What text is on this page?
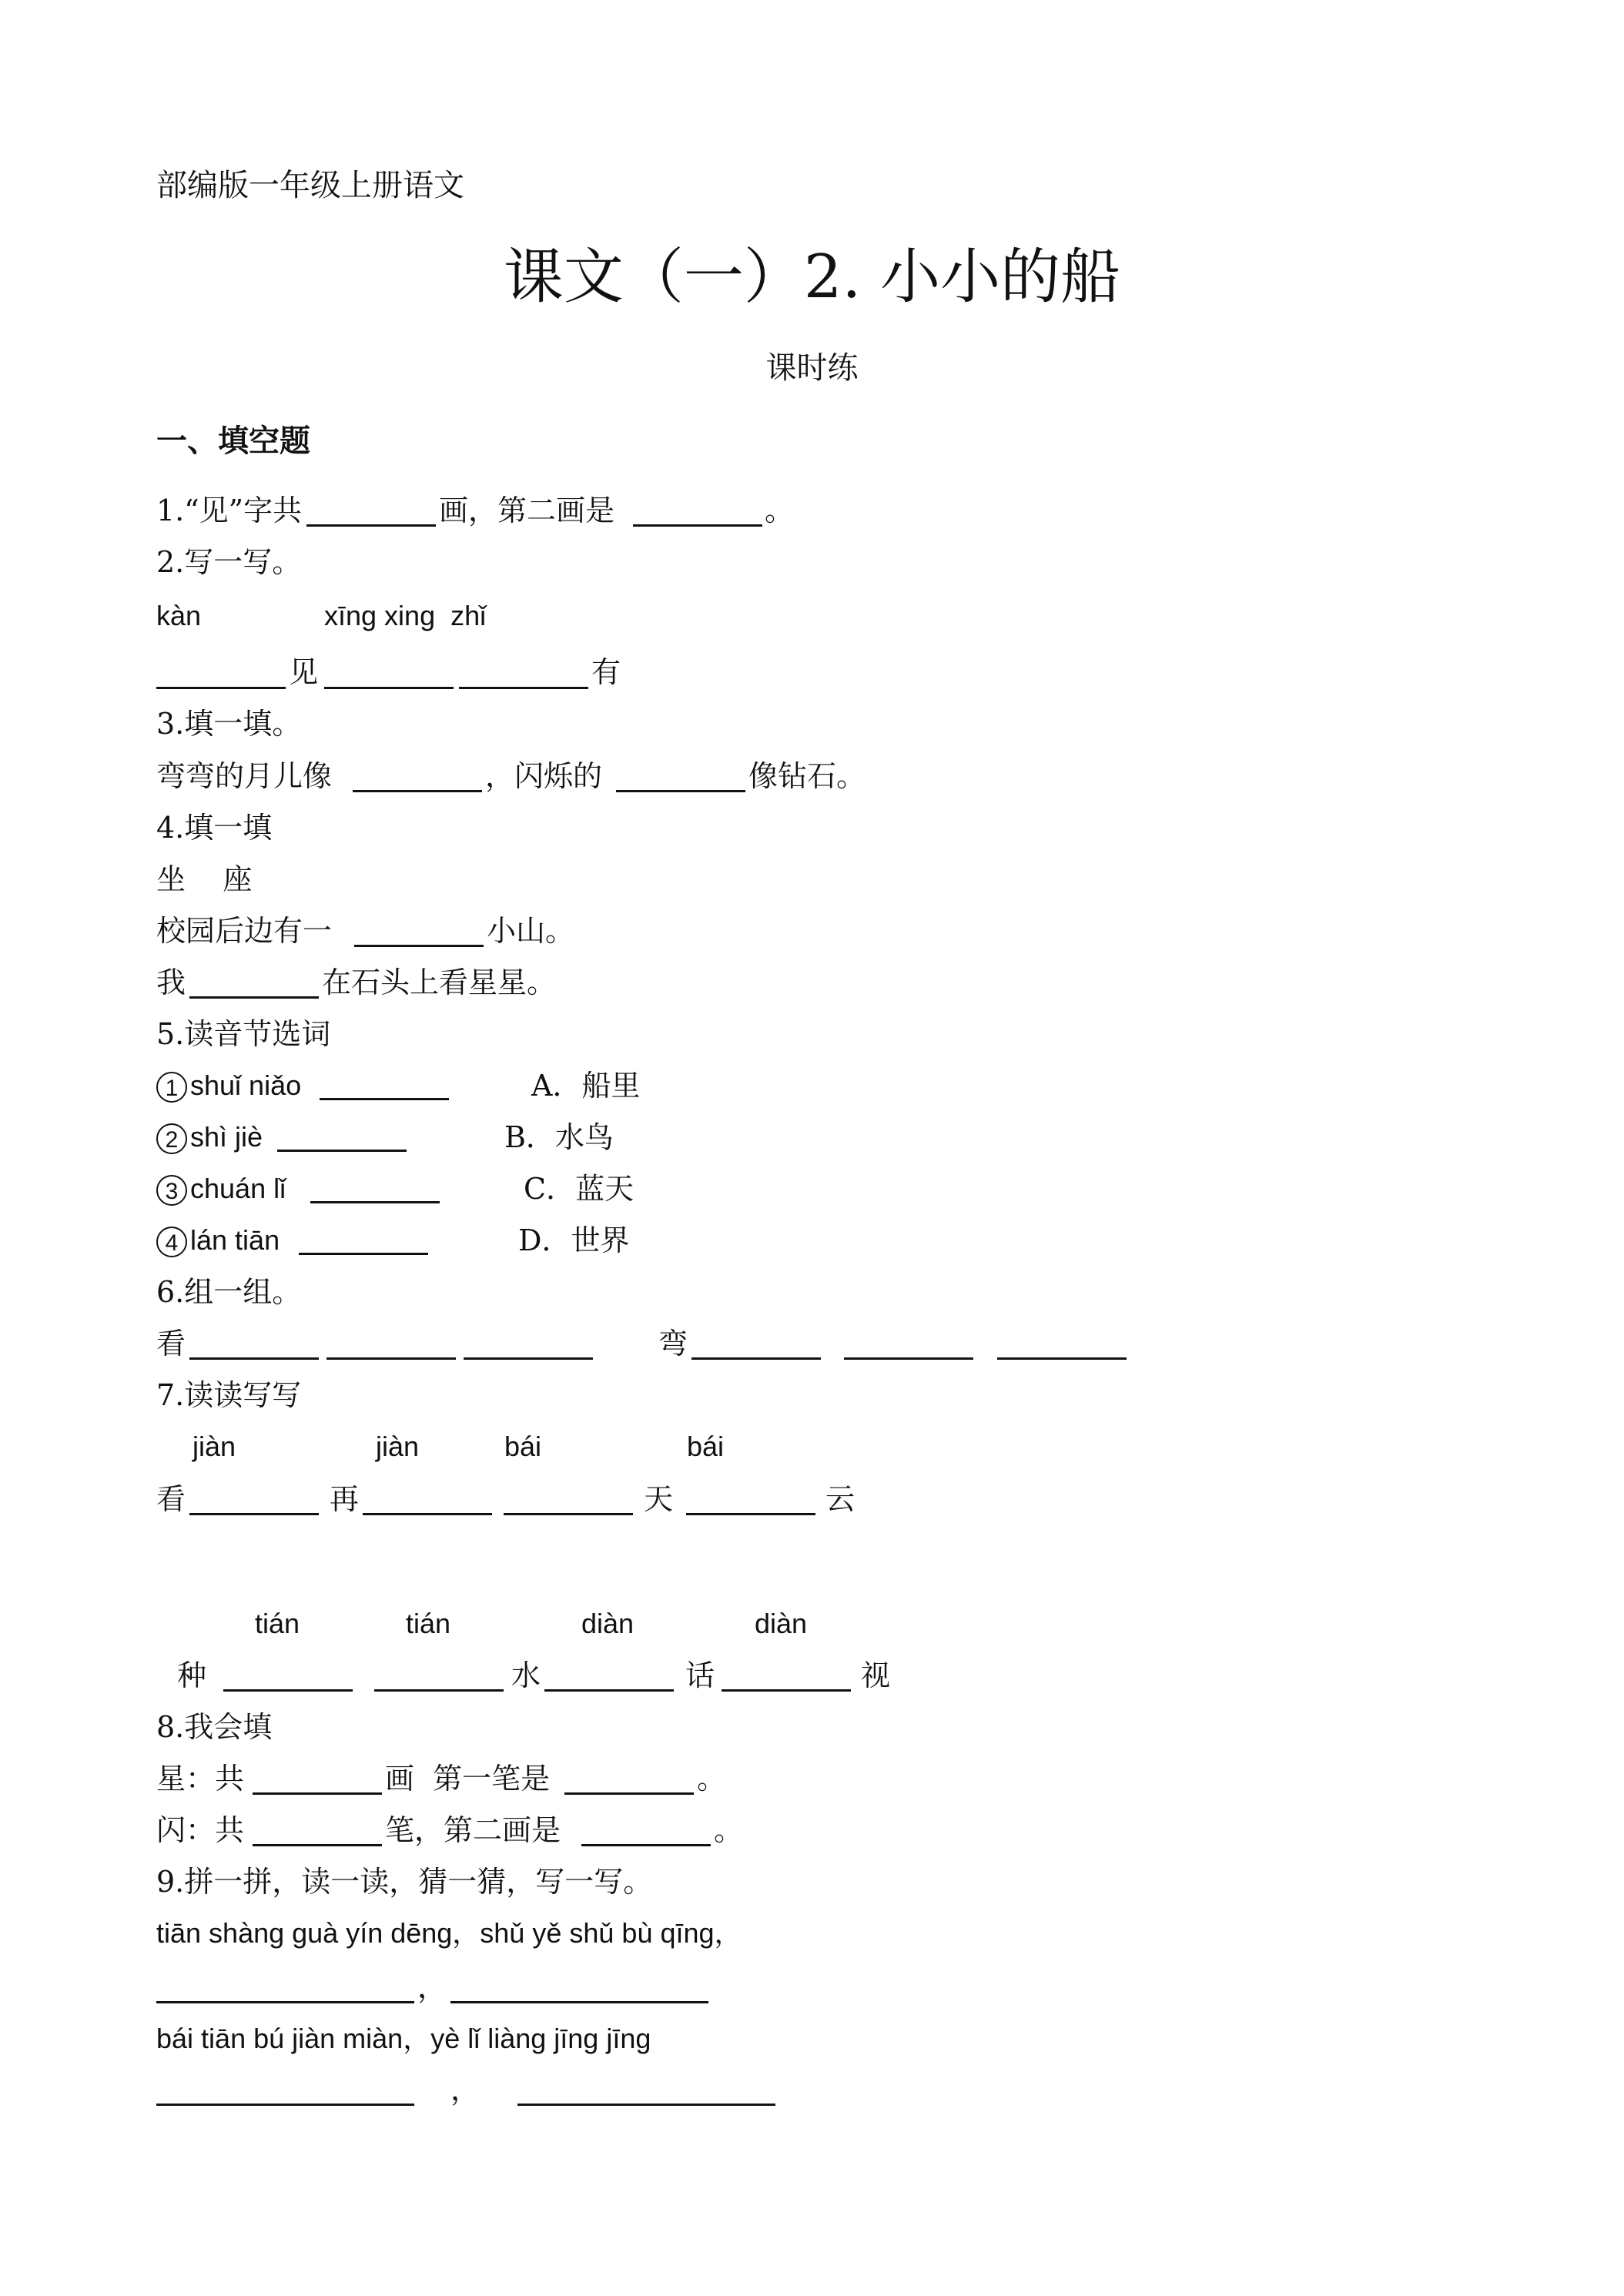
部编版一年级上册语文
课文（一）2. 小小的船
课时练
一、填空题
1.“见”字共	画，第二画是	。
2.写一写。
kàn	xīng xing  zhǐ
见	有
3.填一填。
弯弯的月儿像	，闪烁的	像钻石。
4.填一填
坐    座
校园后边有一	小山。
我	在石头上看星星。
5.读音节选词
1 shuǐ niǎo	A．船里
2 shì jiè	B．水鸟
3 chuán lǐ	C．蓝天
4 lán tiān	D．世界
6.组一组。
看	弯
7.读读写写
jiàn	jiàn	bái	bái
看	再	天	云
tián	tián	diàn	diàn
种	水	话	视
8.我会填
星：共	画  第一笔是	。
闪：共	笔，第二画是	。
9.拼一拼，读一读，猜一猜，写一写。
tiān shàng guà yín dēng，shǔ yě shǔ bù qīng，
，
bái tiān bú jiàn miàn，yè lǐ liàng jīng jīng
，
